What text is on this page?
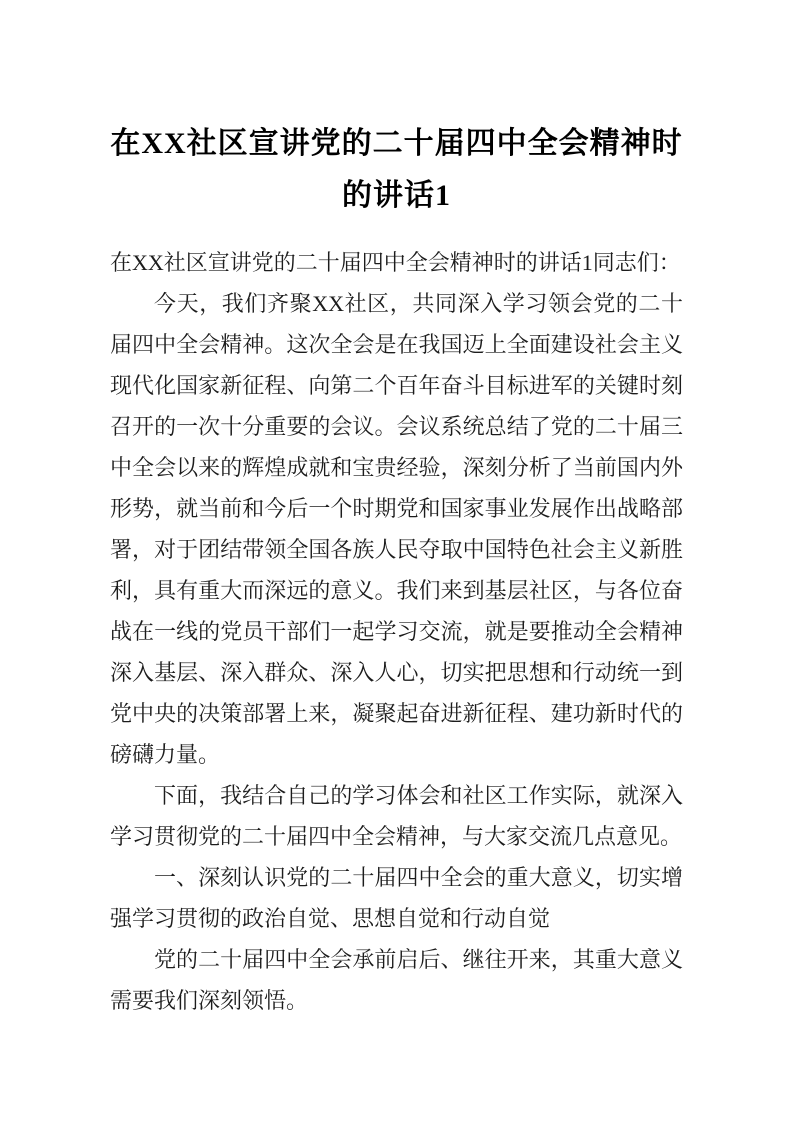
在XX社区宣讲党的二十届四中全会精神时
的讲话1

在XX社区宣讲党的二十届四中全会精神时的讲话1同志们：

今天，我们齐聚XX社区，共同深入学习领会党的二十届四中全会精神。这次全会是在我国迈上全面建设社会主义现代化国家新征程、向第二个百年奋斗目标进军的关键时刻召开的一次十分重要的会议。会议系统总结了党的二十届三中全会以来的辉煌成就和宝贵经验，深刻分析了当前国内外形势，就当前和今后一个时期党和国家事业发展作出战略部署，对于团结带领全国各族人民夺取中国特色社会主义新胜利，具有重大而深远的意义。我们来到基层社区，与各位奋战在一线的党员干部们一起学习交流，就是要推动全会精神深入基层、深入群众、深入人心，切实把思想和行动统一到党中央的决策部署上来，凝聚起奋进新征程、建功新时代的磅礴力量。

下面，我结合自己的学习体会和社区工作实际，就深入学习贯彻党的二十届四中全会精神，与大家交流几点意见。

一、深刻认识党的二十届四中全会的重大意义，切实增强学习贯彻的政治自觉、思想自觉和行动自觉

党的二十届四中全会承前启后、继往开来，其重大意义需要我们深刻领悟。
